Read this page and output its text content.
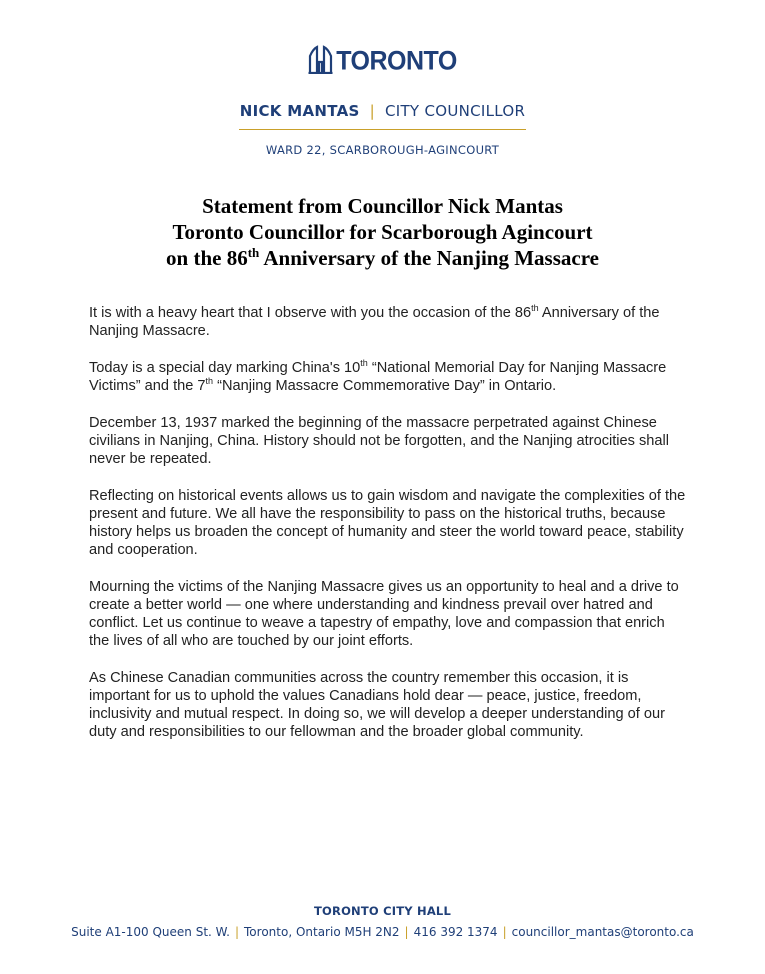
TORONTO
NICK MANTAS | CITY COUNCILLOR
WARD 22, SCARBOROUGH-AGINCOURT
Statement from Councillor Nick Mantas
Toronto Councillor for Scarborough Agincourt
on the 86th Anniversary of the Nanjing Massacre

It is with a heavy heart that I observe with you the occasion of the 86th Anniversary of the Nanjing Massacre.

Today is a special day marking China's 10th “National Memorial Day for Nanjing Massacre Victims” and the 7th “Nanjing Massacre Commemorative Day” in Ontario.

December 13, 1937 marked the beginning of the massacre perpetrated against Chinese civilians in Nanjing, China. History should not be forgotten, and the Nanjing atrocities shall never be repeated.

Reflecting on historical events allows us to gain wisdom and navigate the complexities of the present and future. We all have the responsibility to pass on the historical truths, because history helps us broaden the concept of humanity and steer the world toward peace, stability and cooperation.

Mourning the victims of the Nanjing Massacre gives us an opportunity to heal and a drive to create a better world — one where understanding and kindness prevail over hatred and conflict. Let us continue to weave a tapestry of empathy, love and compassion that enrich the lives of all who are touched by our joint efforts.

As Chinese Canadian communities across the country remember this occasion, it is important for us to uphold the values Canadians hold dear — peace, justice, freedom, inclusivity and mutual respect. In doing so, we will develop a deeper understanding of our duty and responsibilities to our fellowman and the broader global community.

TORONTO CITY HALL
Suite A1-100 Queen St. W. | Toronto, Ontario M5H 2N2 | 416 392 1374 | councillor_mantas@toronto.ca
